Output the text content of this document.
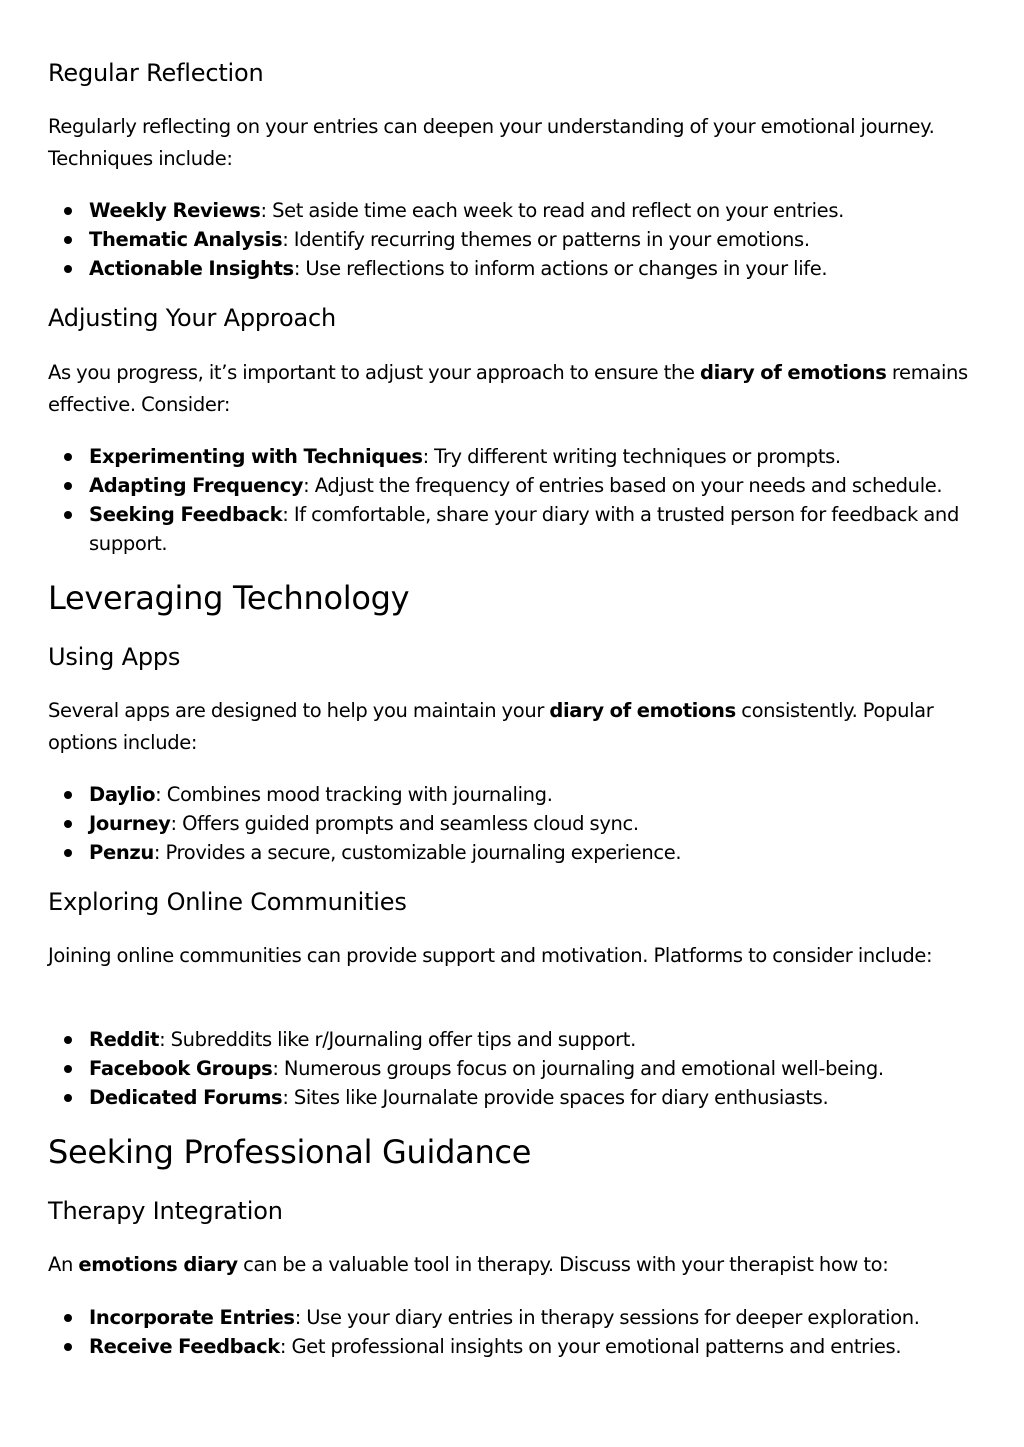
Regular Reflection

Regularly reflecting on your entries can deepen your understanding of your emotional journey. Techniques include:

Weekly Reviews: Set aside time each week to read and reflect on your entries.
Thematic Analysis: Identify recurring themes or patterns in your emotions.
Actionable Insights: Use reflections to inform actions or changes in your life.
Adjusting Your Approach

As you progress, it’s important to adjust your approach to ensure the diary of emotions remains effective. Consider:

Experimenting with Techniques: Try different writing techniques or prompts.
Adapting Frequency: Adjust the frequency of entries based on your needs and schedule.
Seeking Feedback: If comfortable, share your diary with a trusted person for feedback and support.
Leveraging Technology
Using Apps

Several apps are designed to help you maintain your diary of emotions consistently. Popular options include:

Daylio: Combines mood tracking with journaling.
Journey: Offers guided prompts and seamless cloud sync.
Penzu: Provides a secure, customizable journaling experience.
Exploring Online Communities

Joining online communities can provide support and motivation. Platforms to consider include:

Reddit: Subreddits like r/Journaling offer tips and support.
Facebook Groups: Numerous groups focus on journaling and emotional well-being.
Dedicated Forums: Sites like Journalate provide spaces for diary enthusiasts.
Seeking Professional Guidance
Therapy Integration

An emotions diary can be a valuable tool in therapy. Discuss with your therapist how to:

Incorporate Entries: Use your diary entries in therapy sessions for deeper exploration.
Receive Feedback: Get professional insights on your emotional patterns and entries.
